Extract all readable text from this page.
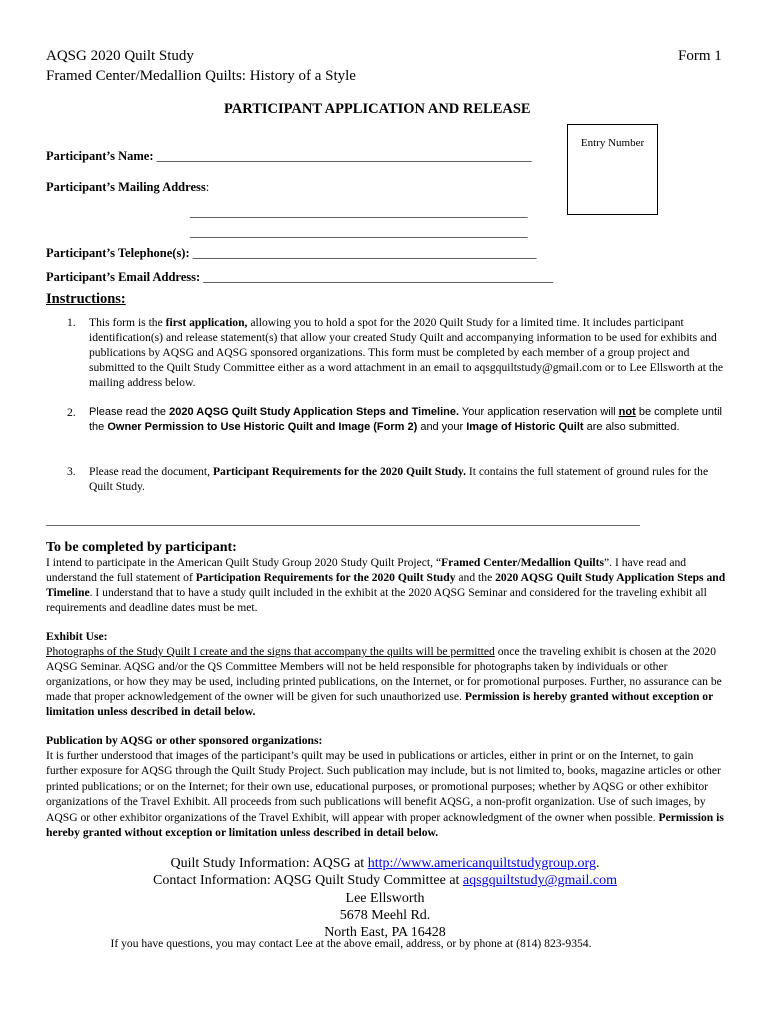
AQSG 2020 Quilt Study
Framed Center/Medallion Quilts: History of a Style
Form 1
PARTICIPANT APPLICATION AND RELEASE
Entry Number
Participant’s Name: ____________________________________________________________
Participant’s Mailing Address:
______________________________________________________
______________________________________________________
Participant’s Telephone(s): _______________________________________________________
Participant’s Email Address: ________________________________________________________
Instructions:
1. This form is the first application, allowing you to hold a spot for the 2020 Quilt Study for a limited time. It includes participant identification(s) and release statement(s) that allow your created Study Quilt and accompanying information to be used for exhibits and publications by AQSG and AQSG sponsored organizations. This form must be completed by each member of a group project and submitted to the Quilt Study Committee either as a word attachment in an email to aqsgquiltstudy@gmail.com or to Lee Ellsworth at the mailing address below.
2. Please read the 2020 AQSG Quilt Study Application Steps and Timeline. Your application reservation will not be complete until the Owner Permission to Use Historic Quilt and Image (Form 2) and your Image of Historic Quilt are also submitted.
3. Please read the document, Participant Requirements for the 2020 Quilt Study. It contains the full statement of ground rules for the Quilt Study.
____________________________________________________________________________________________________________
To be completed by participant:
I intend to participate in the American Quilt Study Group 2020 Study Quilt Project, “Framed Center/Medallion Quilts”. I have read and understand the full statement of Participation Requirements for the 2020 Quilt Study and the 2020 AQSG Quilt Study Application Steps and Timeline. I understand that to have a study quilt included in the exhibit at the 2020 AQSG Seminar and considered for the traveling exhibit all requirements and deadline dates must be met.
Exhibit Use:
Photographs of the Study Quilt I create and the signs that accompany the quilts will be permitted once the traveling exhibit is chosen at the 2020 AQSG Seminar. AQSG and/or the QS Committee Members will not be held responsible for photographs taken by individuals or other organizations, or how they may be used, including printed publications, on the Internet, or for promotional purposes. Further, no assurance can be made that proper acknowledgement of the owner will be given for such unauthorized use. Permission is hereby granted without exception or limitation unless described in detail below.
Publication by AQSG or other sponsored organizations:
It is further understood that images of the participant’s quilt may be used in publications or articles, either in print or on the Internet, to gain further exposure for AQSG through the Quilt Study Project. Such publication may include, but is not limited to, books, magazine articles or other printed publications; or on the Internet; for their own use, educational purposes, or promotional purposes; whether by AQSG or other exhibitor organizations of the Travel Exhibit. All proceeds from such publications will benefit AQSG, a non-profit organization. Use of such images, by AQSG or other exhibitor organizations of the Travel Exhibit, will appear with proper acknowledgment of the owner when possible. Permission is hereby granted without exception or limitation unless described in detail below.
Quilt Study Information: AQSG at http://www.americanquiltstudygroup.org.
Contact Information: AQSG Quilt Study Committee at aqsgquiltstudy@gmail.com
Lee Ellsworth
5678 Meehl Rd.
North East, PA 16428
If you have questions, you may contact Lee at the above email, address, or by phone at (814) 823-9354.
